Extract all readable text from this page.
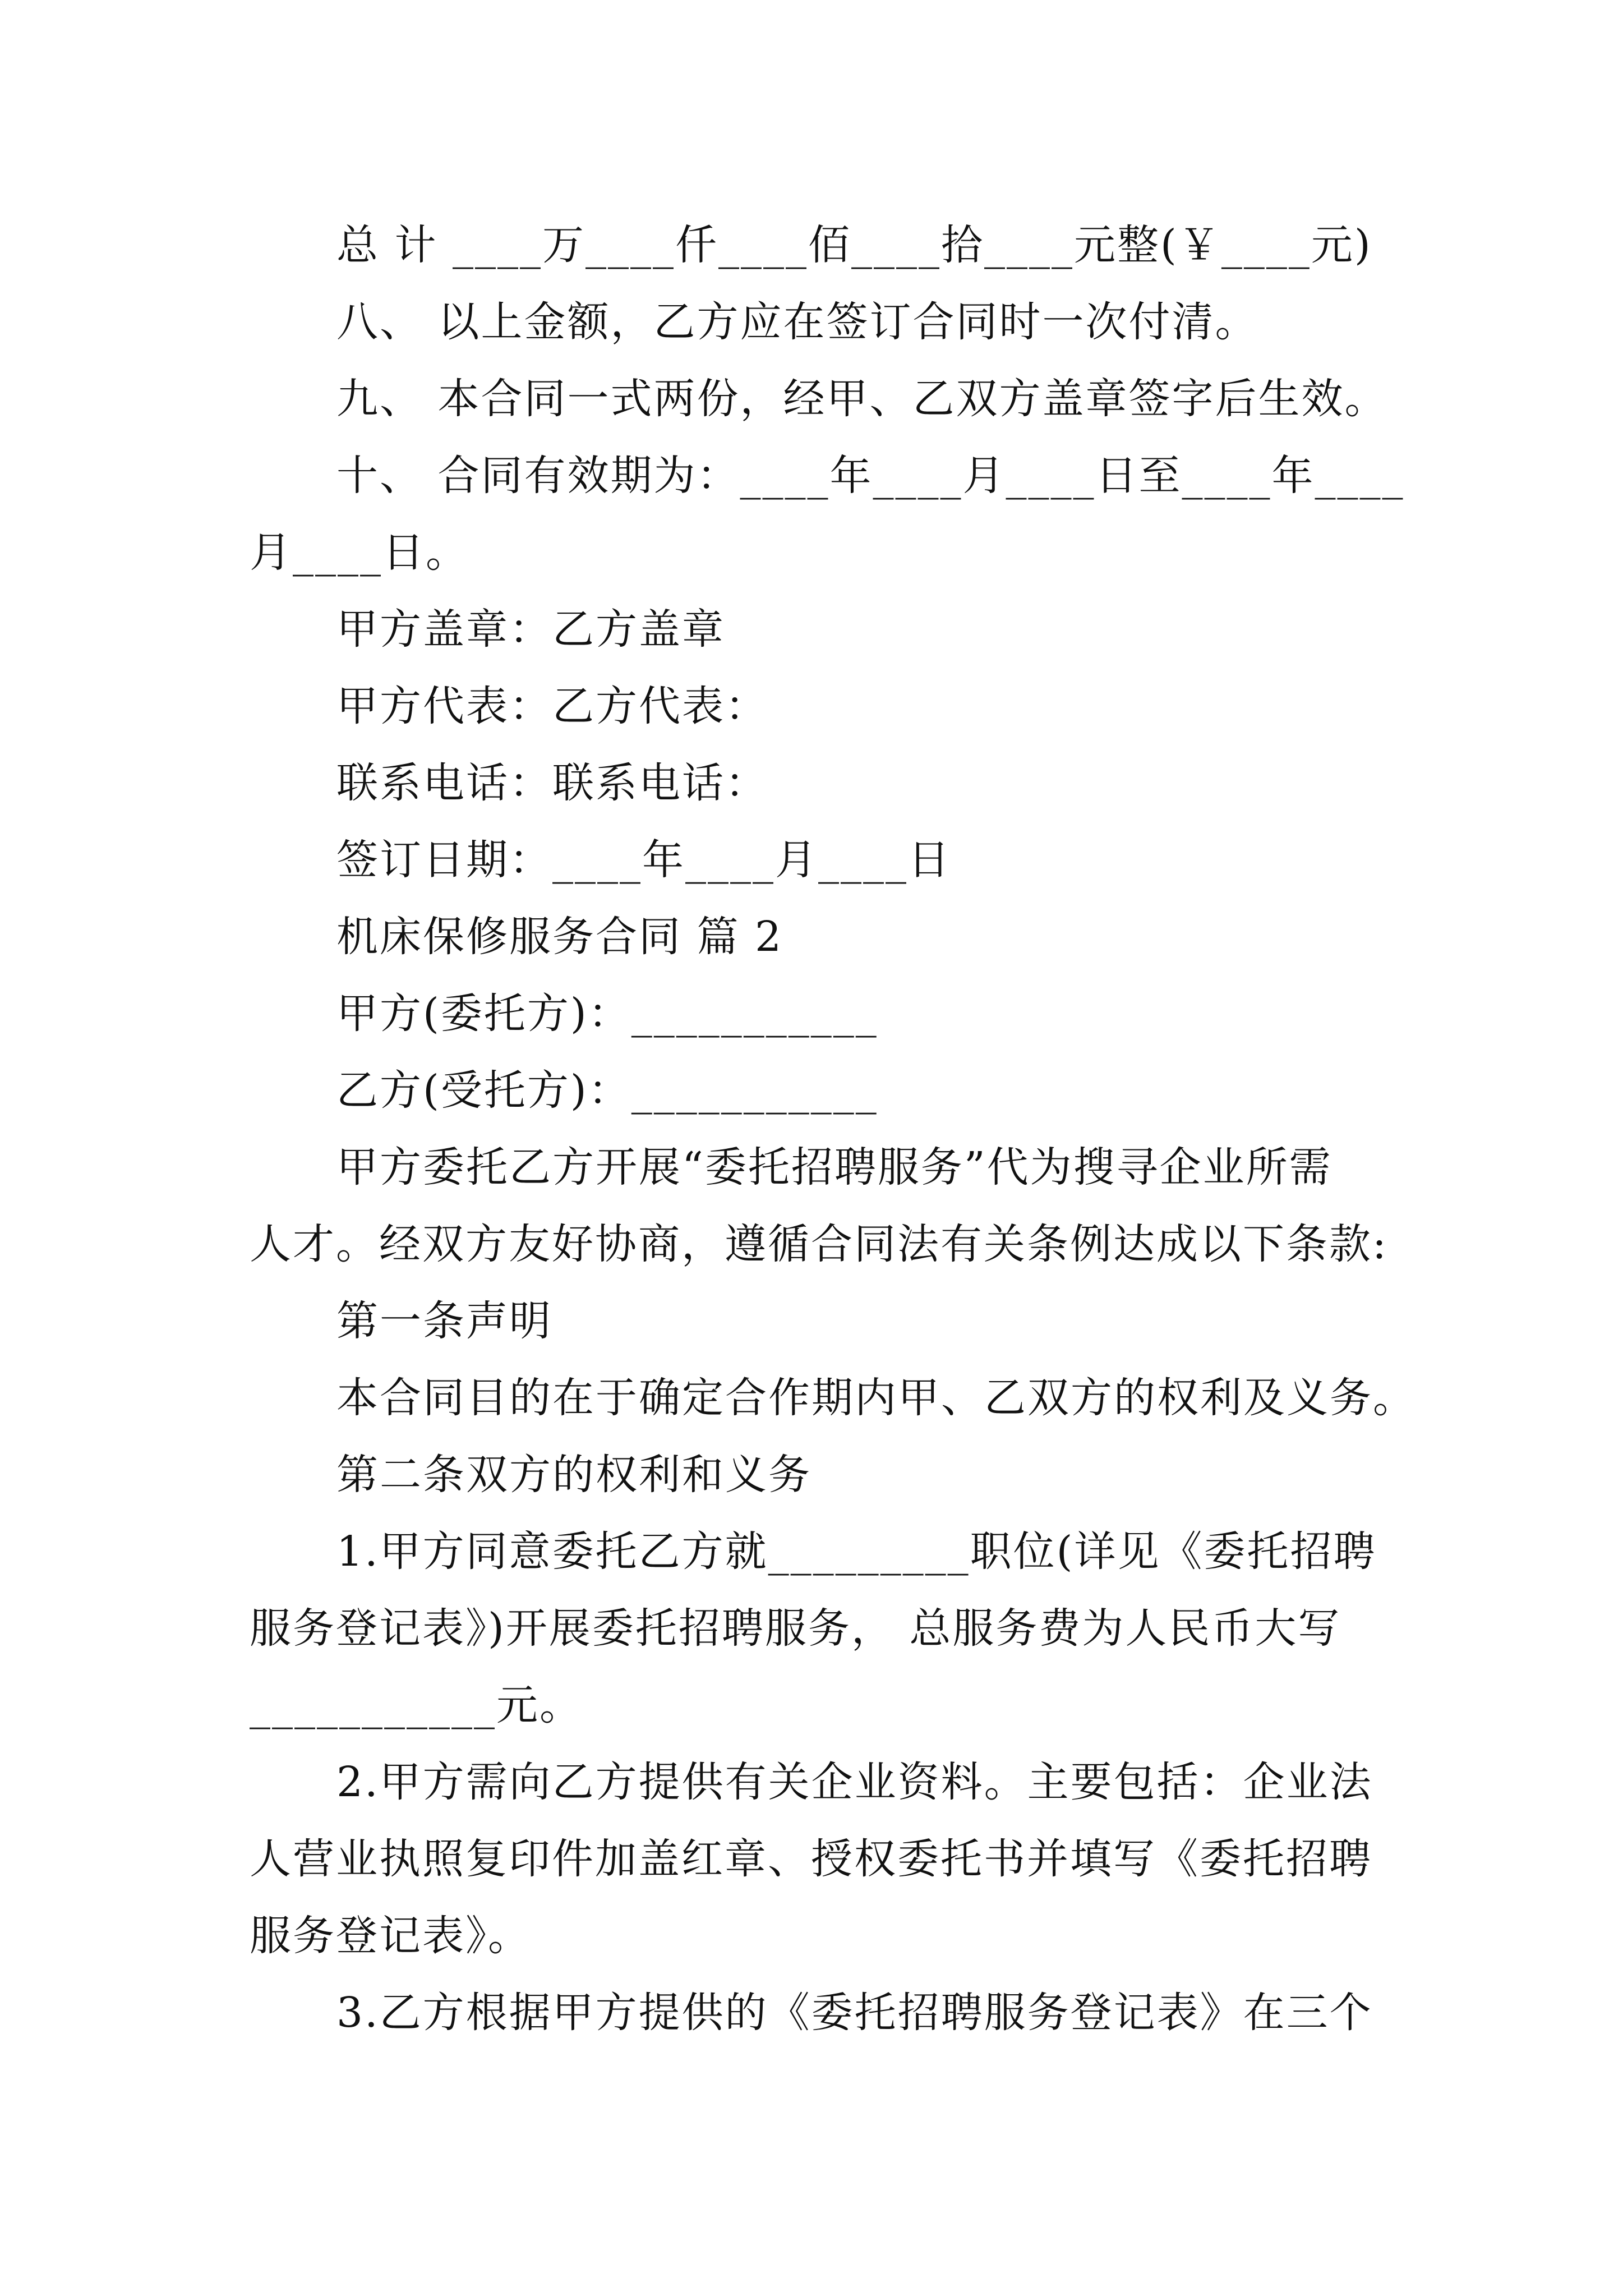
总 计 ____万____仟____佰____拾____元整(￥____元)
八、 以上金额，乙方应在签订合同时一次付清。
九、 本合同一式两份，经甲、乙双方盖章签字后生效。
十、 合同有效期为：____年____月____日至____年____
月____日。
甲方盖章：乙方盖章
甲方代表：乙方代表：
联系电话：联系电话：
签订日期：____年____月____日
机床保修服务合同 篇 2
甲方(委托方)：___________
乙方(受托方)：___________
甲方委托乙方开展“委托招聘服务”代为搜寻企业所需
人才。经双方友好协商，遵循合同法有关条例达成以下条款:
第一条声明
本合同目的在于确定合作期内甲、乙双方的权利及义务。
第二条双方的权利和义务
1.甲方同意委托乙方就_________职位(详见《委托招聘
服务登记表》)开展委托招聘服务， 总服务费为人民币大写
___________元。
2.甲方需向乙方提供有关企业资料。主要包括：企业法
人营业执照复印件加盖红章、授权委托书并填写《委托招聘
服务登记表》。
3.乙方根据甲方提供的《委托招聘服务登记表》在三个
